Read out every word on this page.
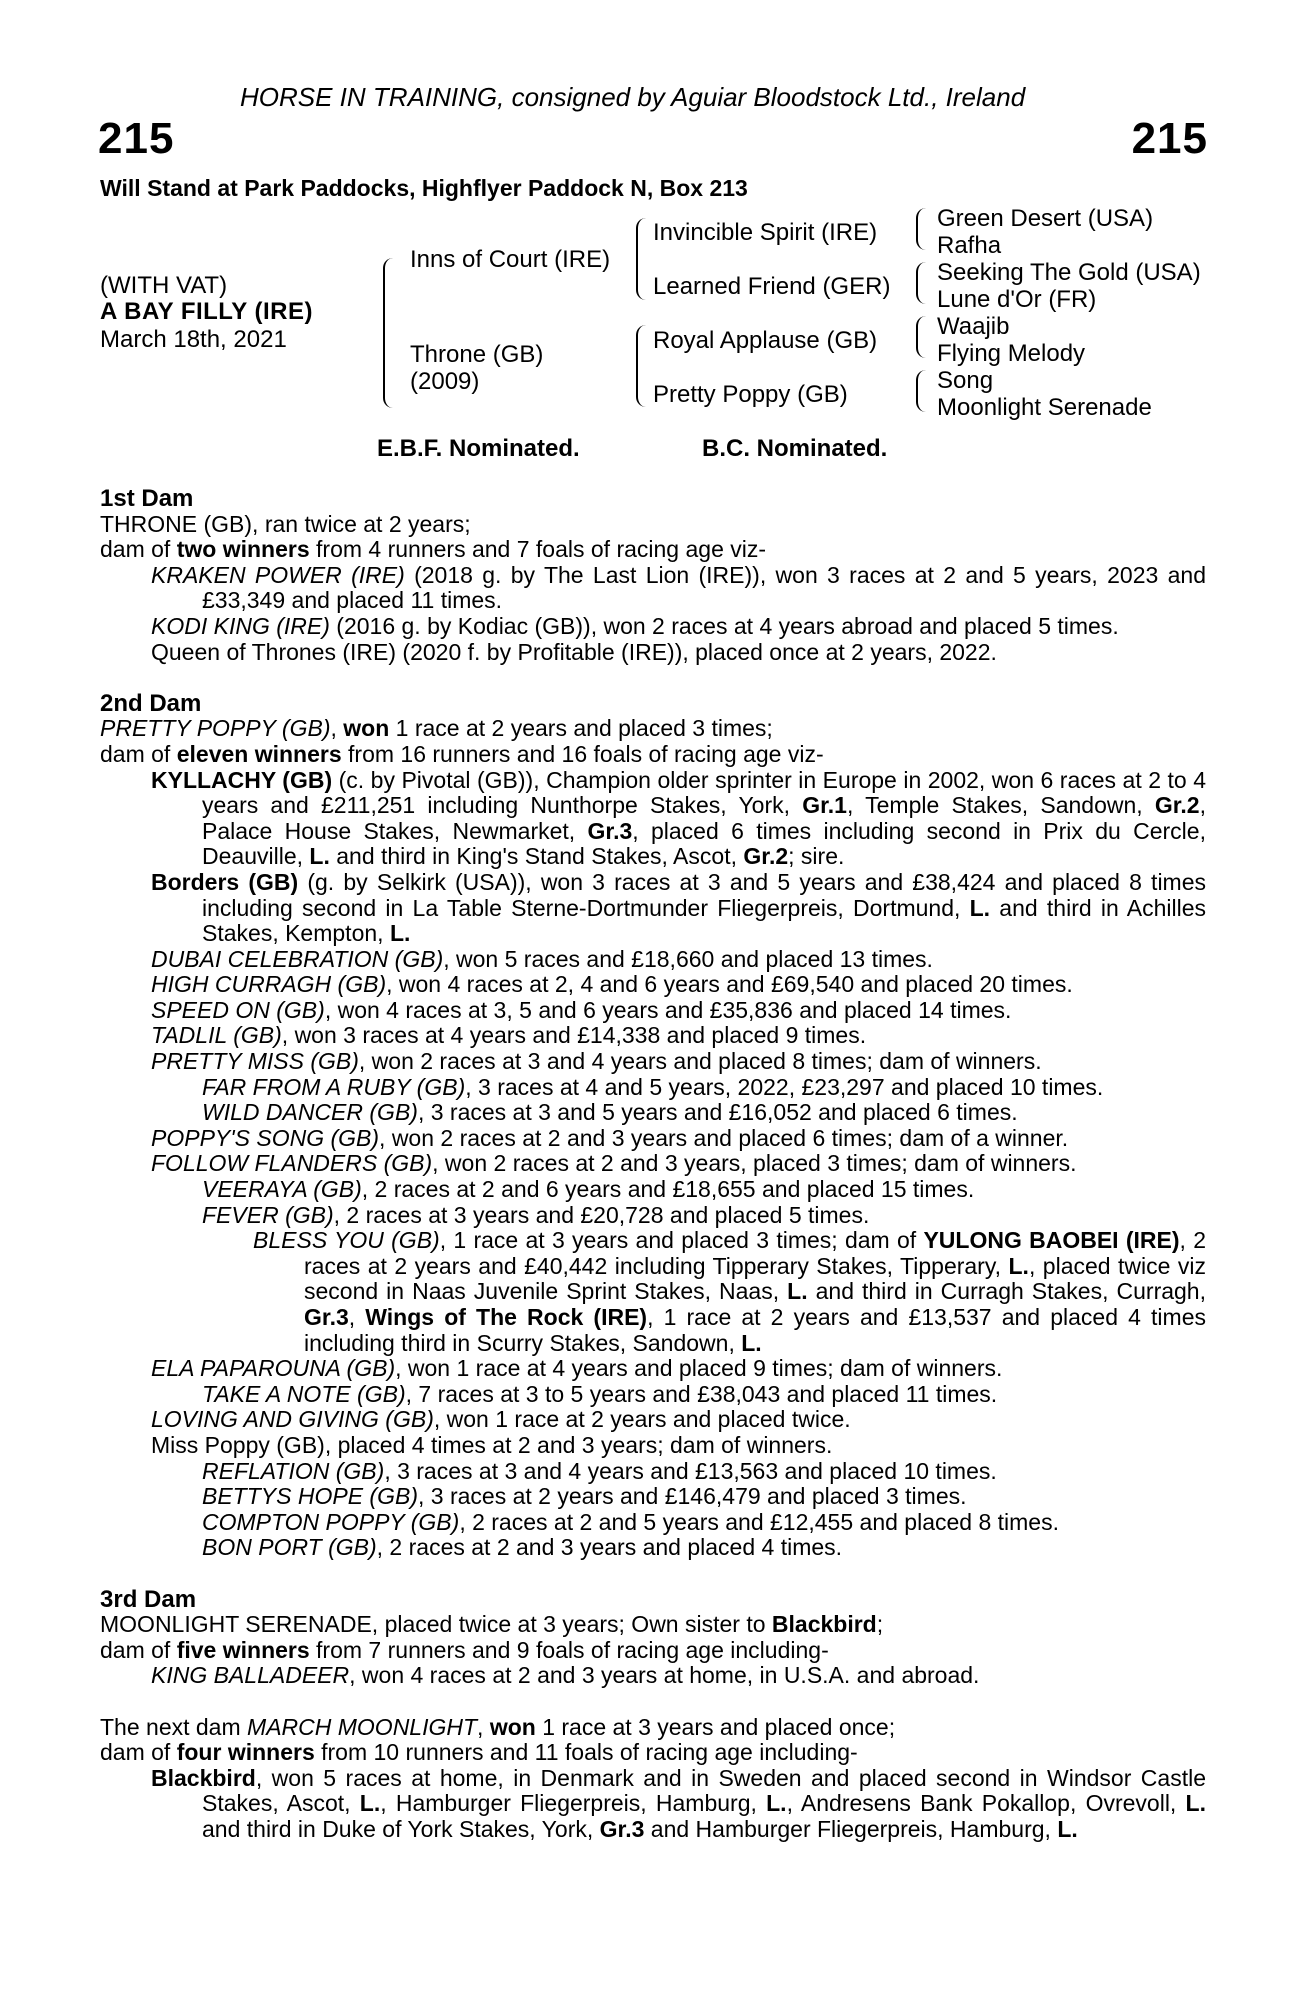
HORSE IN TRAINING, consigned by Aguiar Bloodstock Ltd., Ireland
215	215
Will Stand at Park Paddocks, Highflyer Paddock N, Box 213
(WITH VAT)
A BAY FILLY (IRE)
March 18th, 2021
Inns of Court (IRE)
Throne (GB)
(2009)
Invincible Spirit (IRE)
Learned Friend (GER)
Royal Applause (GB)
Pretty Poppy (GB)
Green Desert (USA)
Rafha
Seeking The Gold (USA)
Lune d'Or (FR)
Waajib
Flying Melody
Song
Moonlight Serenade
E.B.F. Nominated.	B.C. Nominated.

1st Dam

THRONE (GB), ran twice at 2 years;

dam of two winners from 4 runners and 7 foals of racing age viz-

KRAKEN POWER (IRE) (2018 g. by The Last Lion (IRE)), won 3 races at 2 and 5 years, 2023 and £33,349 and placed 11 times.

KODI KING (IRE) (2016 g. by Kodiac (GB)), won 2 races at 4 years abroad and placed 5 times.

Queen of Thrones (IRE) (2020 f. by Profitable (IRE)), placed once at 2 years, 2022.

2nd Dam

PRETTY POPPY (GB), won 1 race at 2 years and placed 3 times;

dam of eleven winners from 16 runners and 16 foals of racing age viz-

KYLLACHY (GB) (c. by Pivotal (GB)), Champion older sprinter in Europe in 2002, won 6 races at 2 to 4 years and £211,251 including Nunthorpe Stakes, York, Gr.1, Temple Stakes, Sandown, Gr.2, Palace House Stakes, Newmarket, Gr.3, placed 6 times including second in Prix du Cercle, Deauville, L. and third in King's Stand Stakes, Ascot, Gr.2; sire.

Borders (GB) (g. by Selkirk (USA)), won 3 races at 3 and 5 years and £38,424 and placed 8 times including second in La Table Sterne-Dortmunder Fliegerpreis, Dortmund, L. and third in Achilles Stakes, Kempton, L.

DUBAI CELEBRATION (GB), won 5 races and £18,660 and placed 13 times.

HIGH CURRAGH (GB), won 4 races at 2, 4 and 6 years and £69,540 and placed 20 times.

SPEED ON (GB), won 4 races at 3, 5 and 6 years and £35,836 and placed 14 times.

TADLIL (GB), won 3 races at 4 years and £14,338 and placed 9 times.

PRETTY MISS (GB), won 2 races at 3 and 4 years and placed 8 times; dam of winners.

FAR FROM A RUBY (GB), 3 races at 4 and 5 years, 2022, £23,297 and placed 10 times.

WILD DANCER (GB), 3 races at 3 and 5 years and £16,052 and placed 6 times.

POPPY'S SONG (GB), won 2 races at 2 and 3 years and placed 6 times; dam of a winner.

FOLLOW FLANDERS (GB), won 2 races at 2 and 3 years, placed 3 times; dam of winners.

VEERAYA (GB), 2 races at 2 and 6 years and £18,655 and placed 15 times.

FEVER (GB), 2 races at 3 years and £20,728 and placed 5 times.

BLESS YOU (GB), 1 race at 3 years and placed 3 times; dam of YULONG BAOBEI (IRE), 2 races at 2 years and £40,442 including Tipperary Stakes, Tipperary, L., placed twice viz second in Naas Juvenile Sprint Stakes, Naas, L. and third in Curragh Stakes, Curragh, Gr.3, Wings of The Rock (IRE), 1 race at 2 years and £13,537 and placed 4 times including third in Scurry Stakes, Sandown, L.

ELA PAPAROUNA (GB), won 1 race at 4 years and placed 9 times; dam of winners.

TAKE A NOTE (GB), 7 races at 3 to 5 years and £38,043 and placed 11 times.

LOVING AND GIVING (GB), won 1 race at 2 years and placed twice.

Miss Poppy (GB), placed 4 times at 2 and 3 years; dam of winners.

REFLATION (GB), 3 races at 3 and 4 years and £13,563 and placed 10 times.

BETTYS HOPE (GB), 3 races at 2 years and £146,479 and placed 3 times.

COMPTON POPPY (GB), 2 races at 2 and 5 years and £12,455 and placed 8 times.

BON PORT (GB), 2 races at 2 and 3 years and placed 4 times.

3rd Dam

MOONLIGHT SERENADE, placed twice at 3 years; Own sister to Blackbird;

dam of five winners from 7 runners and 9 foals of racing age including-

KING BALLADEER, won 4 races at 2 and 3 years at home, in U.S.A. and abroad.

The next dam MARCH MOONLIGHT, won 1 race at 3 years and placed once;

dam of four winners from 10 runners and 11 foals of racing age including-

Blackbird, won 5 races at home, in Denmark and in Sweden and placed second in Windsor Castle Stakes, Ascot, L., Hamburger Fliegerpreis, Hamburg, L., Andresens Bank Pokallop, Ovrevoll, L. and third in Duke of York Stakes, York, Gr.3 and Hamburger Fliegerpreis, Hamburg, L.
